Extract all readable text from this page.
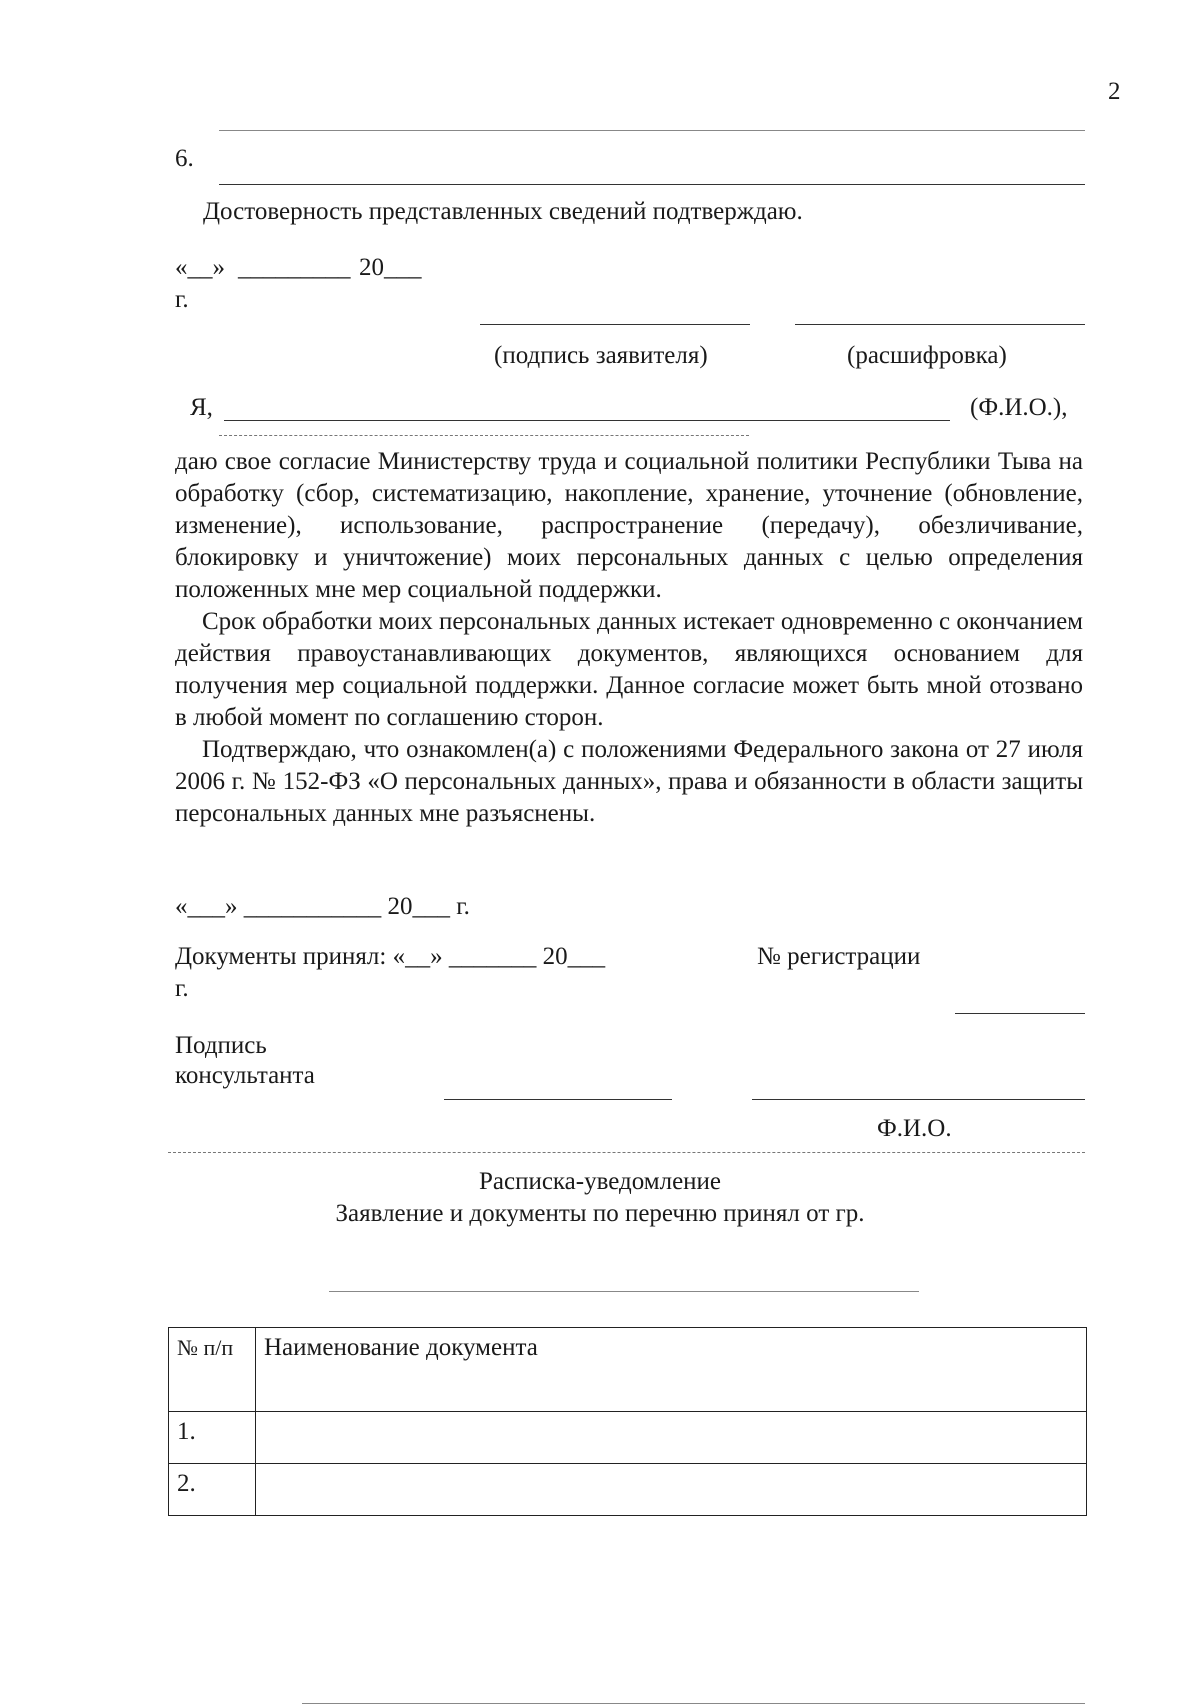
2
6.
Достоверность представленных сведений подтверждаю.
«__» _________ 20___
г.
(подпись заявителя)	(расшифровка)
Я,	(Ф.И.О.),

даю свое согласие Министерству труда и социальной политики Республики Тыва на обработку (сбор, систематизацию, накопление, хранение, уточнение (обновление, изменение), использование, распространение (передачу), обезличивание, блокировку и уничтожение) моих персональных данных с целью определения положенных мне мер социальной поддержки.

Срок обработки моих персональных данных истекает одновременно с окончанием действия правоустанавливающих документов, являющихся основанием для получения мер социальной поддержки. Данное согласие может быть мной отозвано в любой момент по соглашению сторон.

Подтверждаю, что ознакомлен(а) с положениями Федерального закона от 27 июля 2006 г. № 152-ФЗ «О персональных данных», права и обязанности в области защиты персональных данных мне разъяснены.

«___» ___________ 20___ г.
Документы принял: «__» _______ 20___
г.
№ регистрации
Подпись
консультанта
Ф.И.О.
Расписка-уведомление
Заявление и документы по перечню принял от гр.
№ п/п	Наименование документа
1.	
2.	
